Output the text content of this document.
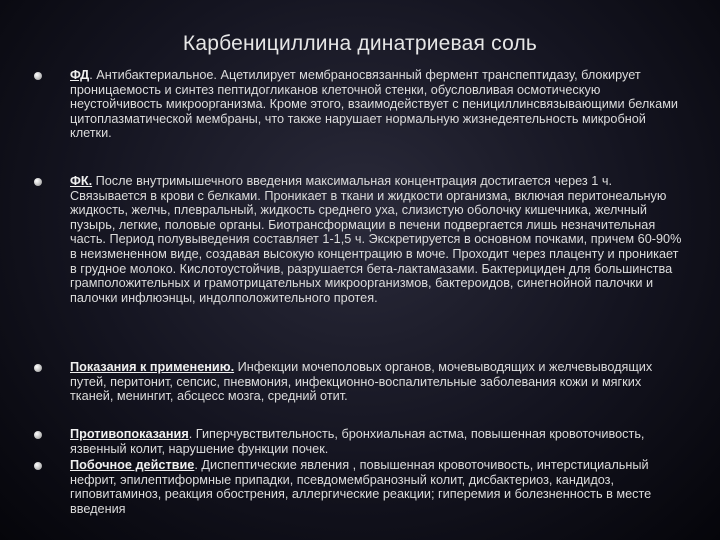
Карбенициллина динатриевая соль
ФД. Антибактериальное. Ацетилирует мембраносвязанный фермент транспептидазу, блокирует проницаемость и синтез пептидогликанов клеточной стенки, обусловливая осмотическую неустойчивость микроорганизма. Кроме этого, взаимодействует с пенициллинсвязывающими белками цитоплазматической мембраны, что также нарушает нормальную жизнедеятельность микробной клетки.
ФК. После внутримышечного введения максимальная концентрация достигается через 1 ч. Связывается в крови с белками. Проникает в ткани и жидкости организма, включая перитонеальную жидкость, желчь, плевральный, жидкость среднего уха, слизистую оболочку кишечника, желчный пузырь, легкие, половые органы. Биотрансформации в печени подвергается лишь незначительная часть. Период полувыведения составляет 1-1,5 ч. Экскретируется в основном почками, причем 60-90% в неизмененном виде, создавая высокую концентрацию в моче. Проходит через плаценту и проникает в грудное молоко. Кислотоустойчив, разрушается бета-лактамазами. Бактерициден для большинства грамположительных и грамотрицательных микроорганизмов, бактероидов, синегнойной палочки и палочки инфлюэнцы, индолположительного протея.
Показания к применению. Инфекции мочеполовых органов, мочевыводящих и желчевыводящих путей, перитонит, сепсис, пневмония, инфекционно-воспалительные заболевания кожи и мягких тканей, менингит, абсцесс мозга, средний отит.
Противопоказания. Гиперчувствительность, бронхиальная астма, повышенная кровоточивость, язвенный колит, нарушение функции почек.
Побочное действие. Диспептические явления , повышенная кровоточивость, интерстициальный нефрит, эпилептиформные припадки, псевдомембранозный колит, дисбактериоз, кандидоз, гиповитаминоз, реакция обострения, аллергические реакции; гиперемия и болезненность в месте введения
